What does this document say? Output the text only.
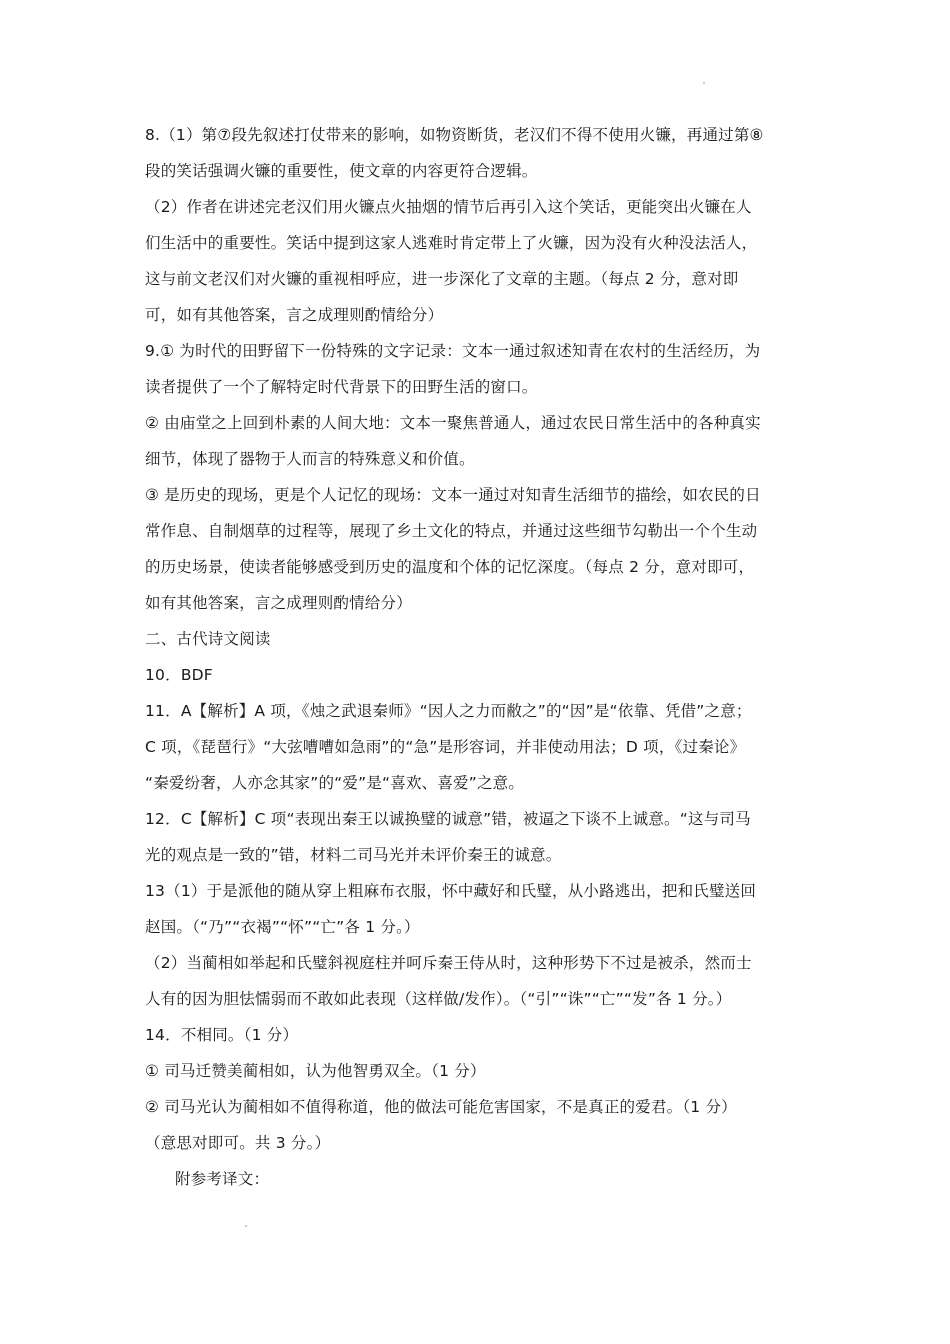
8.（1）第⑦段先叙述打仗带来的影响，如物资断货，老汉们不得不使用火镰，再通过第⑧
段的笑话强调火镰的重要性，使文章的内容更符合逻辑。
（2）作者在讲述完老汉们用火镰点火抽烟的情节后再引入这个笑话，更能突出火镰在人
们生活中的重要性。笑话中提到这家人逃难时肯定带上了火镰，因为没有火种没法活人，
这与前文老汉们对火镰的重视相呼应，进一步深化了文章的主题。（每点 2 分，意对即
可，如有其他答案，言之成理则酌情给分）
9.① 为时代的田野留下一份特殊的文字记录：文本一通过叙述知青在农村的生活经历，为
读者提供了一个了解特定时代背景下的田野生活的窗口。
② 由庙堂之上回到朴素的人间大地：文本一聚焦普通人，通过农民日常生活中的各种真实
细节，体现了器物于人而言的特殊意义和价值。
③ 是历史的现场，更是个人记忆的现场：文本一通过对知青生活细节的描绘，如农民的日
常作息、自制烟草的过程等，展现了乡土文化的特点，并通过这些细节勾勒出一个个生动
的历史场景，使读者能够感受到历史的温度和个体的记忆深度。（每点 2 分，意对即可，
如有其他答案，言之成理则酌情给分）
二、古代诗文阅读
10．BDF
11．A【解析】A 项，《烛之武退秦师》“因人之力而敝之”的“因”是“依靠、凭借”之意；
C 项，《琵琶行》“大弦嘈嘈如急雨”的“急”是形容词，并非使动用法；D 项，《过秦论》
“秦爱纷奢，人亦念其家”的“爱”是“喜欢、喜爱”之意。
12．C【解析】C 项“表现出秦王以诚换璧的诚意”错，被逼之下谈不上诚意。“这与司马
光的观点是一致的”错，材料二司马光并未评价秦王的诚意。
13（1）于是派他的随从穿上粗麻布衣服，怀中藏好和氏璧，从小路逃出，把和氏璧送回
赵国。（“乃”“衣褐”“怀”“亡”各 1 分。）
（2）当蔺相如举起和氏璧斜视庭柱并呵斥秦王侍从时，这种形势下不过是被杀，然而士
人有的因为胆怯懦弱而不敢如此表现（这样做/发作）。（“引”“诛”“亡”“发”各 1 分。）
14．不相同。（1 分）
① 司马迁赞美蔺相如，认为他智勇双全。（1 分）
② 司马光认为蔺相如不值得称道，他的做法可能危害国家，不是真正的爱君。（1 分）
（意思对即可。共 3 分。）
附参考译文：
